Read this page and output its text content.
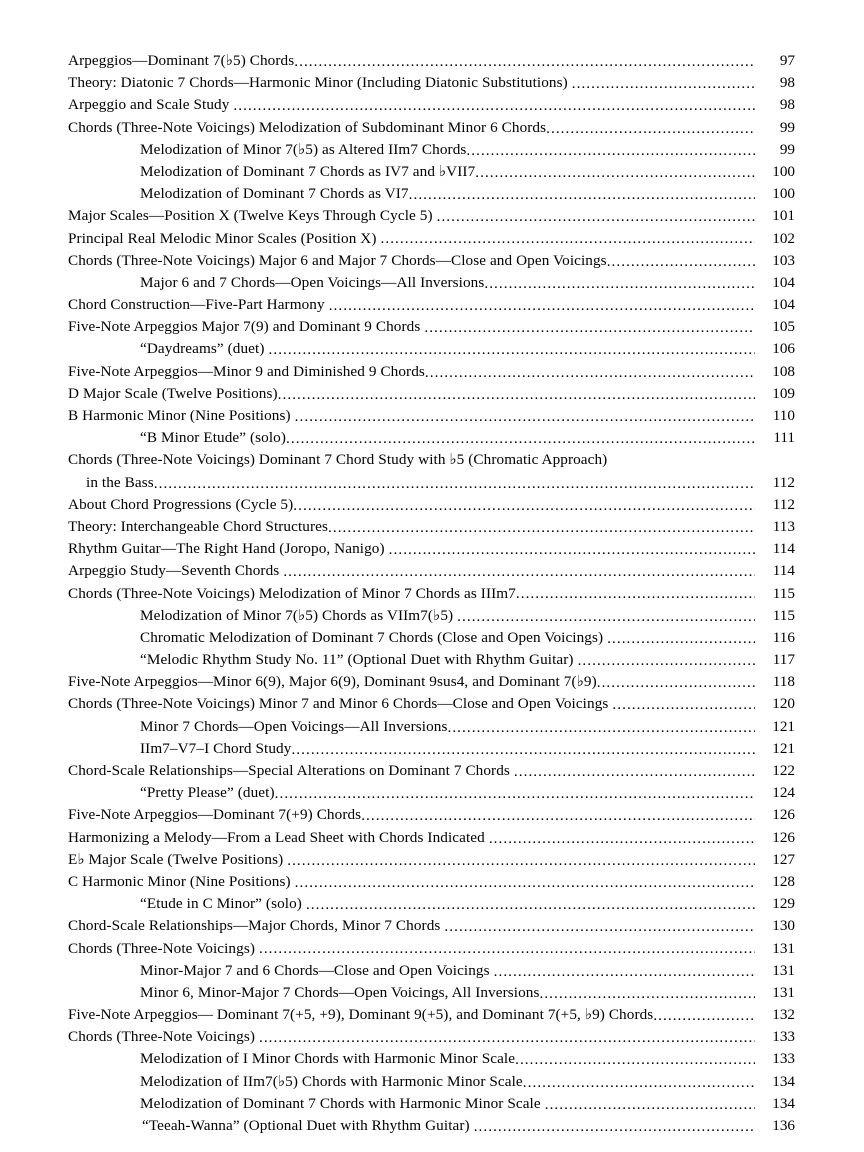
Arpeggios—Dominant 7(♭5) Chords .....	97
Theory: Diatonic 7 Chords—Harmonic Minor (Including Diatonic Substitutions) .....	98
Arpeggio and Scale Study .....	98
Chords (Three-Note Voicings) Melodization of Subdominant Minor 6 Chords .....	99
Melodization of Minor 7(♭5) as Altered IIm7 Chords .....	99
Melodization of Dominant 7 Chords as IV7 and ♭VII7 .....	100
Melodization of Dominant 7 Chords as VI7 .....	100
Major Scales—Position X (Twelve Keys Through Cycle 5) .....	101
Principal Real Melodic Minor Scales (Position X) .....	102
Chords (Three-Note Voicings) Major 6 and Major 7 Chords—Close and Open Voicings .....	103
Major 6 and 7 Chords—Open Voicings—All Inversions .....	104
Chord Construction—Five-Part Harmony .....	104
Five-Note Arpeggios Major 7(9) and Dominant 9 Chords .....	105
“Daydreams” (duet) .....	106
Five-Note Arpeggios—Minor 9 and Diminished 9 Chords .....	108
D Major Scale (Twelve Positions) .....	109
B Harmonic Minor (Nine Positions) .....	110
“B Minor Etude” (solo) .....	111
Chords (Three-Note Voicings) Dominant 7 Chord Study with ♭5 (Chromatic Approach)
in the Bass .....	112
About Chord Progressions (Cycle 5) .....	112
Theory: Interchangeable Chord Structures .....	113
Rhythm Guitar—The Right Hand (Joropo, Nanigo) .....	114
Arpeggio Study—Seventh Chords .....	114
Chords (Three-Note Voicings) Melodization of Minor 7 Chords as IIIm7 .....	115
Melodization of Minor 7(♭5) Chords as VIIm7(♭5) .....	115
Chromatic Melodization of Dominant 7 Chords (Close and Open Voicings) .....	116
“Melodic Rhythm Study No. 11” (Optional Duet with Rhythm Guitar) .....	117
Five-Note Arpeggios—Minor 6(9), Major 6(9), Dominant 9sus4, and Dominant 7(♭9) .....	118
Chords (Three-Note Voicings) Minor 7 and Minor 6 Chords—Close and Open Voicings .....	120
Minor 7 Chords—Open Voicings—All Inversions .....	121
IIm7–V7–I Chord Study .....	121
Chord-Scale Relationships—Special Alterations on Dominant 7 Chords .....	122
“Pretty Please” (duet) .....	124
Five-Note Arpeggios—Dominant 7(+9) Chords .....	126
Harmonizing a Melody—From a Lead Sheet with Chords Indicated .....	126
E♭ Major Scale (Twelve Positions) .....	127
C Harmonic Minor (Nine Positions) .....	128
“Etude in C Minor” (solo) .....	129
Chord-Scale Relationships—Major Chords, Minor 7 Chords .....	130
Chords (Three-Note Voicings) .....	131
Minor-Major 7 and 6 Chords—Close and Open Voicings .....	131
Minor 6, Minor-Major 7 Chords—Open Voicings, All Inversions .....	131
Five-Note Arpeggios— Dominant 7(+5, +9), Dominant 9(+5), and Dominant 7(+5, ♭9) Chords .....	132
Chords (Three-Note Voicings) .....	133
Melodization of I Minor Chords with Harmonic Minor Scale .....	133
Melodization of IIm7(♭5) Chords with Harmonic Minor Scale .....	134
Melodization of Dominant 7 Chords with Harmonic Minor Scale .....	134
“Teeah-Wanna” (Optional Duet with Rhythm Guitar) .....	136
